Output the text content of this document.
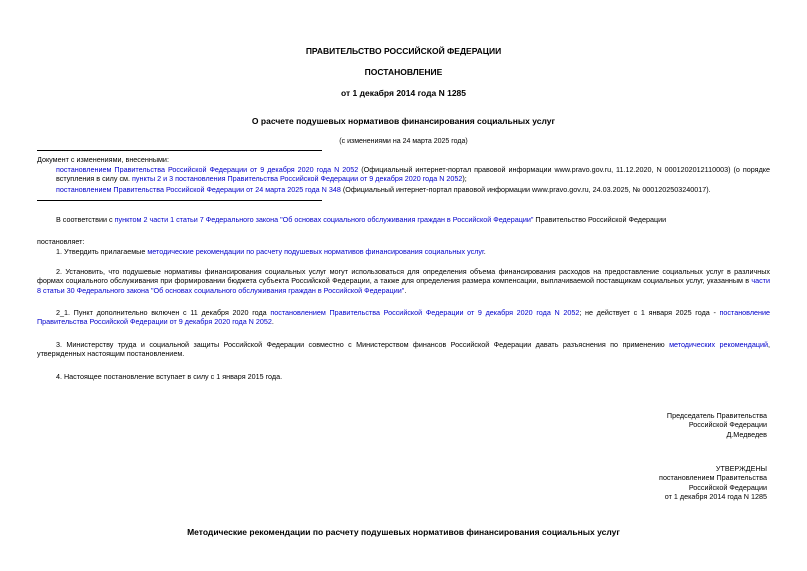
ПРАВИТЕЛЬСТВО РОССИЙСКОЙ ФЕДЕРАЦИИ
ПОСТАНОВЛЕНИЕ
от 1 декабря 2014 года N 1285
О расчете подушевых нормативов финансирования социальных услуг
(с изменениями на 24 марта 2025 года)
Документ с изменениями, внесенными:
постановлением Правительства Российской Федерации от 9 декабря 2020 года N 2052 (Официальный интернет-портал правовой информации www.pravo.gov.ru, 11.12.2020, N 0001202012110003) (о порядке вступления в силу см. пункты 2 и 3 постановления Правительства Российской Федерации от 9 декабря 2020 года N 2052);
постановлением Правительства Российской Федерации от 24 марта 2025 года N 348 (Официальный интернет-портал правовой информации www.pravo.gov.ru, 24.03.2025, № 0001202503240017).
В соответствии с пунктом 2 части 1 статьи 7 Федерального закона "Об основах социального обслуживания граждан в Российской Федерации" Правительство Российской Федерации
постановляет:
1. Утвердить прилагаемые методические рекомендации по расчету подушевых нормативов финансирования социальных услуг.
2. Установить, что подушевые нормативы финансирования социальных услуг могут использоваться для определения объема финансирования расходов на предоставление социальных услуг в различных формах социального обслуживания при формировании бюджета субъекта Российской Федерации, а также для определения размера компенсации, выплачиваемой поставщикам социальных услуг, указанным в части 8 статьи 30 Федерального закона "Об основах социального обслуживания граждан в Российской Федерации".
2_1. Пункт дополнительно включен с 11 декабря 2020 года постановлением Правительства Российской Федерации от 9 декабря 2020 года N 2052; не действует с 1 января 2025 года - постановление Правительства Российской Федерации от 9 декабря 2020 года N 2052.
3. Министерству труда и социальной защиты Российской Федерации совместно с Министерством финансов Российской Федерации давать разъяснения по применению методических рекомендаций, утвержденных настоящим постановлением.
4. Настоящее постановление вступает в силу с 1 января 2015 года.
Председатель Правительства
Российской Федерации
Д.Медведев
УТВЕРЖДЕНЫ
постановлением Правительства
Российской Федерации
от 1 декабря 2014 года N 1285
Методические рекомендации по расчету подушевых нормативов финансирования социальных услуг
